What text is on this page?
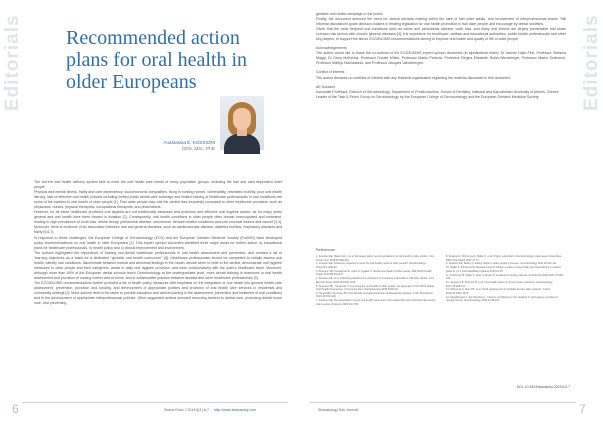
Editorials	Editorials
Recommended action plans for oral health in older Europeans
Anastassia E. KOSSIONI
DDS, MSc, PhD

The current oral health delivery system fails to meet the oral health care needs of many population groups, including the frail and care-dependent older people.

Physical and mental illness, frailty and care dependency, socioeconomic inequalities, living in nursing homes, vulnerability, restricted mobility, poor oral health literacy, lack of effective oral health policies including limited public dental care coverage and limited training of healthcare professionals in oral conditions are some of the barriers to oral health of older people [1]. Frail older people may visit the dentist less frequently compared to other healthcare providers, such as physicians, nurses, physical therapists, occupational therapists, and pharmacists.

However, for all these healthcare providers oral aspects are not traditionally assessed and problems and effective oral hygiene advice, as for many years general and oral health have been viewed in isolation [2]. Consequently, oral health conditions in older people often remain unrecognized and untreated, leading to high prevalence of tooth loss, dental decay, periodontal disease, xerostomia, denture-related conditions and oral mucosal lesions and cancer [3,4]. Moreover, there is evidence of an association between oral and general diseases, such as cardiovascular disease, diabetes mellitus, respiratory diseases and frailty [5,6,7].

In response to these challenges, the European College of Gerodontology (ECG) and the European Geriatric Medicine Society (EuGMS) have developed policy recommendations on oral health in older Europeans [1]. This expert opinion document identified three major areas for further action: a) educational plans for healthcare professionals, b) health policy and c) clinical improvement and involvement.

The authors highlighted the importance of training non-dental healthcare professionals in oral health assessment and prevention, and created a list of 'learning objectives as a basis for a dedicated "geriatric oral health curriculum"' [8]. Healthcare professionals should be competent to initially assess oral health, identify oral conditions, discriminate between normal and abnormal findings in the mouth, decide when to refer to the dentist, demonstrate oral hygiene measures to older people and their caregivers, assist in daily oral hygiene provision, and work collaboratively with the older's healthcare team. Moreover, although more than 60% of the European dental schools teach Gerodontology at the undergraduate level, more dental training in teamwork in oral health assessment and provision in nursing homes and at home, and in collaborative practice between dentists and other healthcare professionals [9].

The ECG/EuGMS recommendations further provided a list of health policy measures with emphasis on the integration of oral health into general health care assessment, prevention, provision and funding, and development of appropriate policies and provision of oral health care services in residential and community settings [1]. More actions need to be taken to provide education and clinical training in the assessment, prevention and treatment of oral conditions and in the development of appropriate interprofessional policies. Other suggested actions included removing barriers to dental care, promoting dental home care, and preventing

geriatric oral health campaign to the public.

Finally, the document stressed the need for clinical decision-making within the care of frail older adults, and involvement of interprofessional teams. Still informal discussions guide decision-makers in treating legislation for oral health promotion in frail older people and encourage by dental societies.

Given that the most frequent oral conditions such as caries and periodontal disease, tooth loss, and many oral lesions are largely preventable and share common risk factors with chronic general diseases [4], it is imperative for healthcare, welfare and educational authorities, public health professionals and other key players, to support the above ECG/EuGMS recommendations aiming to improve oral health and quality of life of older people.

Acknowledgements

The author would like to thank the co-authors of the ECG/EuGMS expert opinion document (in alphabetical order): Dr Jacinto Hajto-Fink, Professor Stefania Maggi, Dr Gerry McKenna, Professor Frauke Müller, Professor Marko Petrovic, Professor Regina Elisabeth Roller-Wirnsberger, Professor Martin Schimmel, Professor Martija Tsanidakinis, and Professor Jacques Vanobbergen.

Conflict of interest

The author declares no conflicts of interest with any financial organization regarding the material discussed in this document.

AE Kossioni

Associate Professor, Division of Gerodontology, Department of Prosthodontics, School of Dentistry, National and Kapodistrian University of Athens, Greece

Leader of the Task & Finish Group on Gerodontology by the European College of Gerodontology and the European Geriatric Medicine Society

References
1. Kossioni AE, Hajto-Fink J, et al. European policy recommendations on oral health in older adults. J Am Geriatr Soc 2018;66:609-613.
2. Kossioni AE. Is Europe prepared to meet the oral health needs of older people? Gerodontology 2012;29:e1230-40.
3. Petersen PE, Kandelman D, Arpin S, Ogawa H. Global oral health of older people. Bull World Health Organ 2010;88:641-647.
4. Kossioni AE, et al. Practical guidelines for physicians in promoting oral health in frail older adults. J Am Med Dir Assoc 2018;19:1039-1046.
5. Petersen PE, Yamamoto T. Improving the oral health of older people: the approach of the WHO Global Oral Health Programme. Community Dent Oral Epidemiol 2005;33:81-92.
6. Tonetti MS, Van Dyke TE. Periodontitis and atherosclerotic cardiovascular disease. J Clin Periodontol 2013;40:S24-S29.
7. Kossioni AE. The association of poor oral health parameters with malnutrition and nutritional risk among older people. Nutrients 2018;10:1709.
8. Kossioni A, McKenna G, Müller F, et al. Higher education in Gerodontology in European Universities. BMC Oral Health 2017;17:71.
9. Kossioni AE, Bellou O. Eating habits in older people in Greece. Gerodontology 2011;28:112-121.
10. Müller F, Schimmel M. Revised success criteria: a vision to meet frailty and dependency in implant patients. Int J Oral Maxillofac Implants 2016;31:15.
11. Schimmel M, Müller F, Suter V, Buser D. Implants for elderly patients. Periodontol 2000 2017;73:228-240.
12. Janssens B, Petrovic M, et al. Oral health status of nursing home residents. Gerodontology 2017;34:209-217.
13. McKenna G, Allen PF, et al. Tooth replacement for partially dentate older patients. J Dent 2015;43:1467-1473.
14. Vanobbergen J, De Visschere L. Factors contributing to the variation in oral hygiene practices in nursing homes. Gerodontology 2005;22:95-101.
DOI: 10.2524/stomaedu.2019.6.6-7
6	Stoma Educ J 2019;6(1):6-7. http://www.stomaeduj.com	Stomatology Edu Journal	7
